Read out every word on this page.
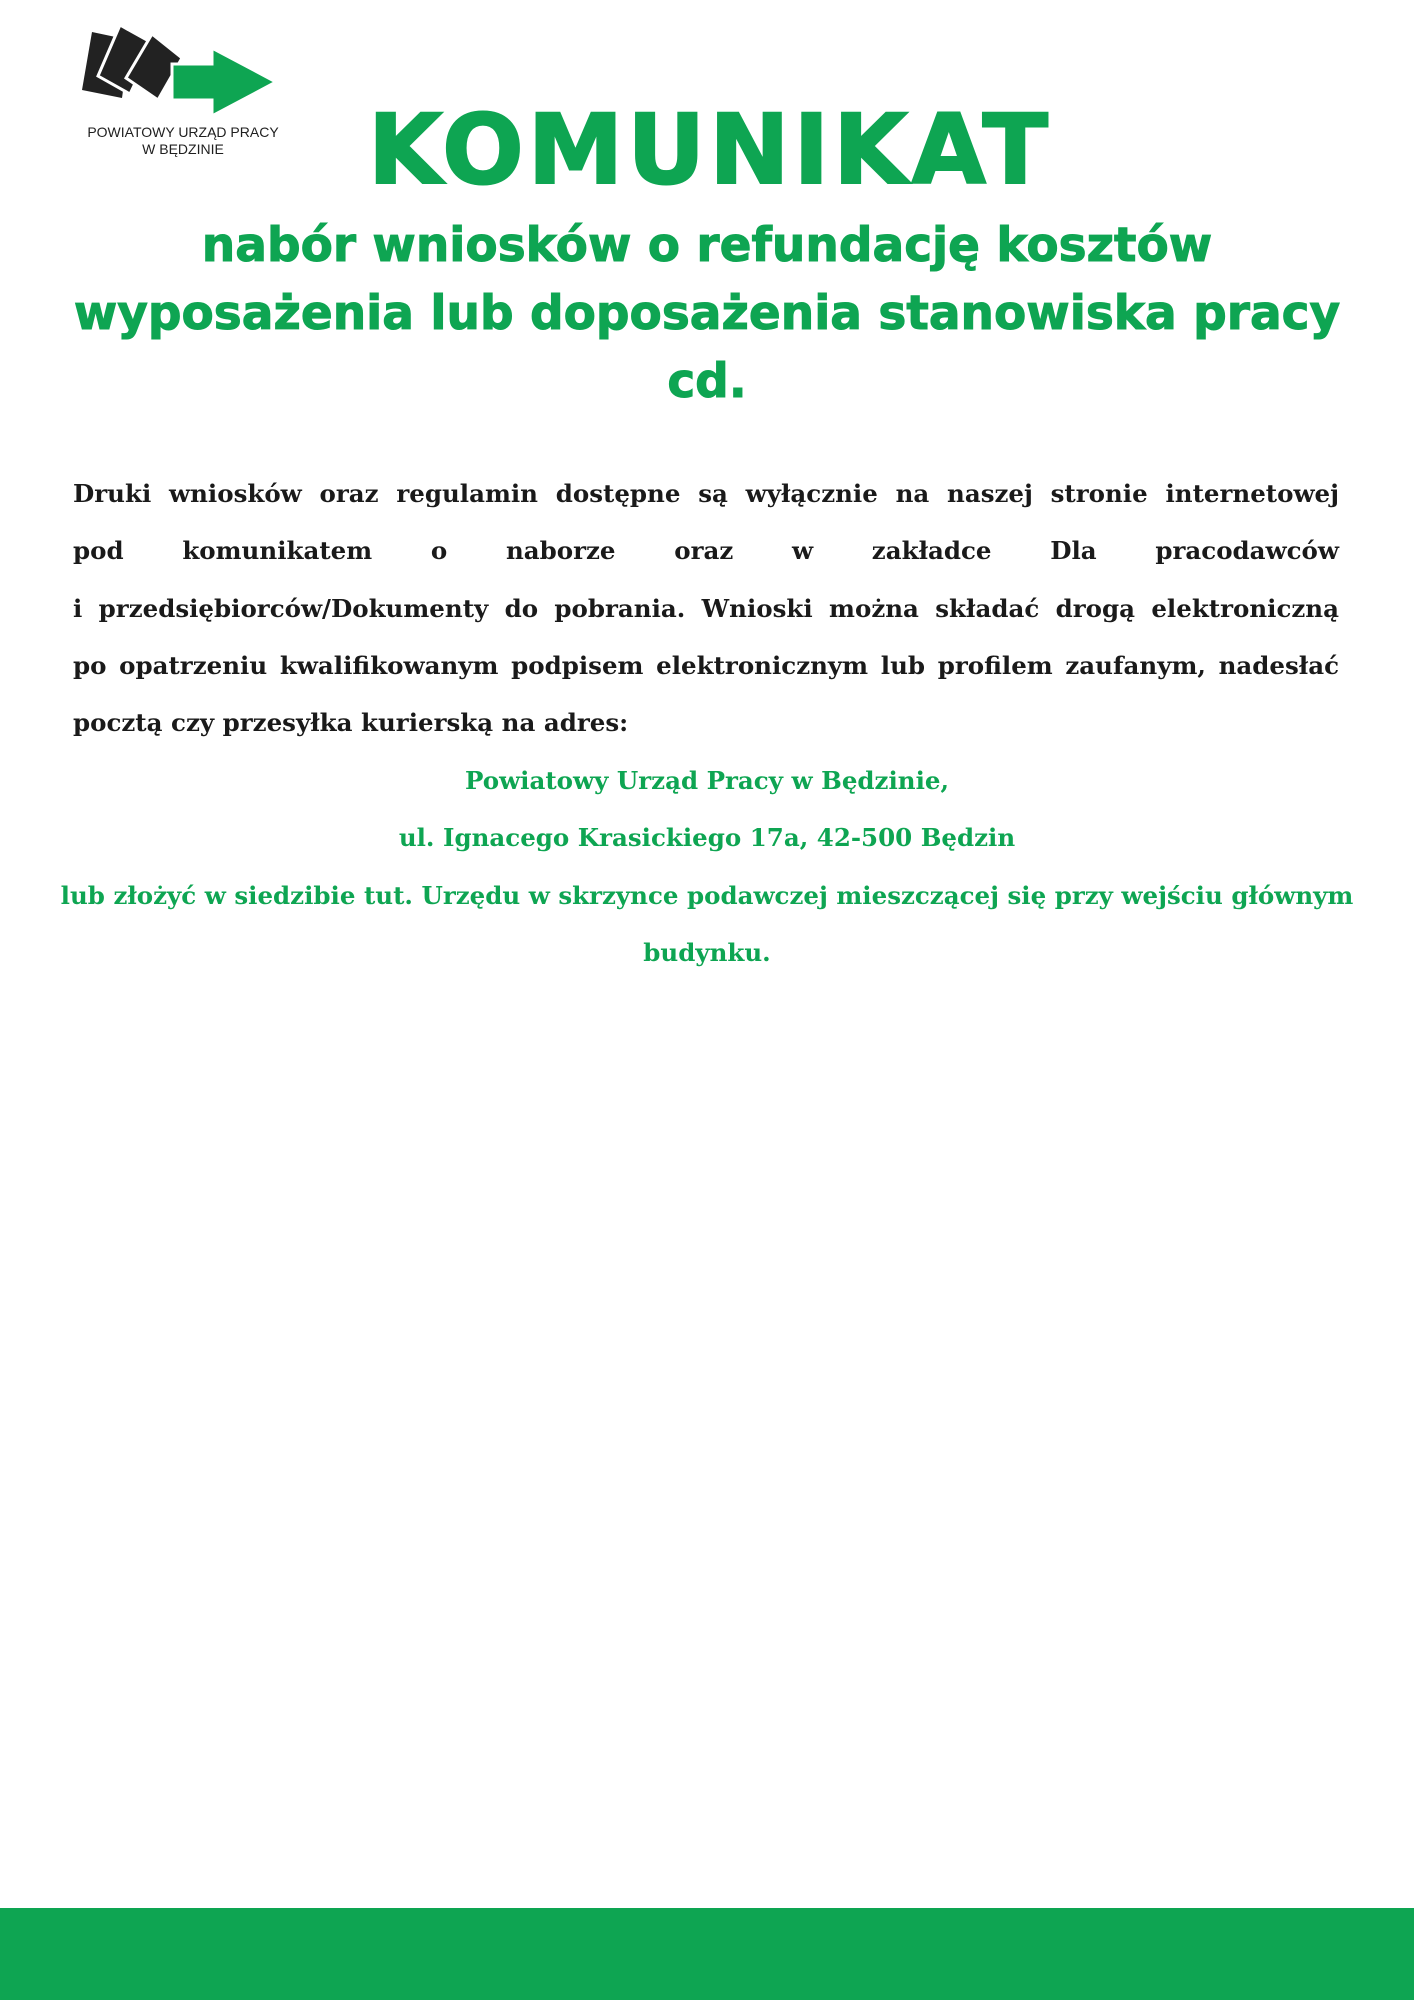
POWIATOWY URZĄD PRACY
W BĘDZINIE	KOMUNIKAT
nabór wniosków o refundację kosztów
wyposażenia lub doposażenia stanowiska pracy
cd.
Druki wniosków oraz regulamin dostępne są wyłącznie na naszej stronie internetowej
pod komunikatem o naborze oraz w zakładce Dla pracodawców
i przedsiębiorców/Dokumenty do pobrania. Wnioski można składać drogą elektroniczną
po opatrzeniu kwalifikowanym podpisem elektronicznym lub profilem zaufanym, nadesłać
pocztą czy przesyłka kurierską na adres:
Powiatowy Urząd Pracy w Będzinie,
ul. Ignacego Krasickiego 17a, 42-500 Będzin
lub złożyć w siedzibie tut. Urzędu w skrzynce podawczej mieszczącej się przy wejściu głównym
budynku.
